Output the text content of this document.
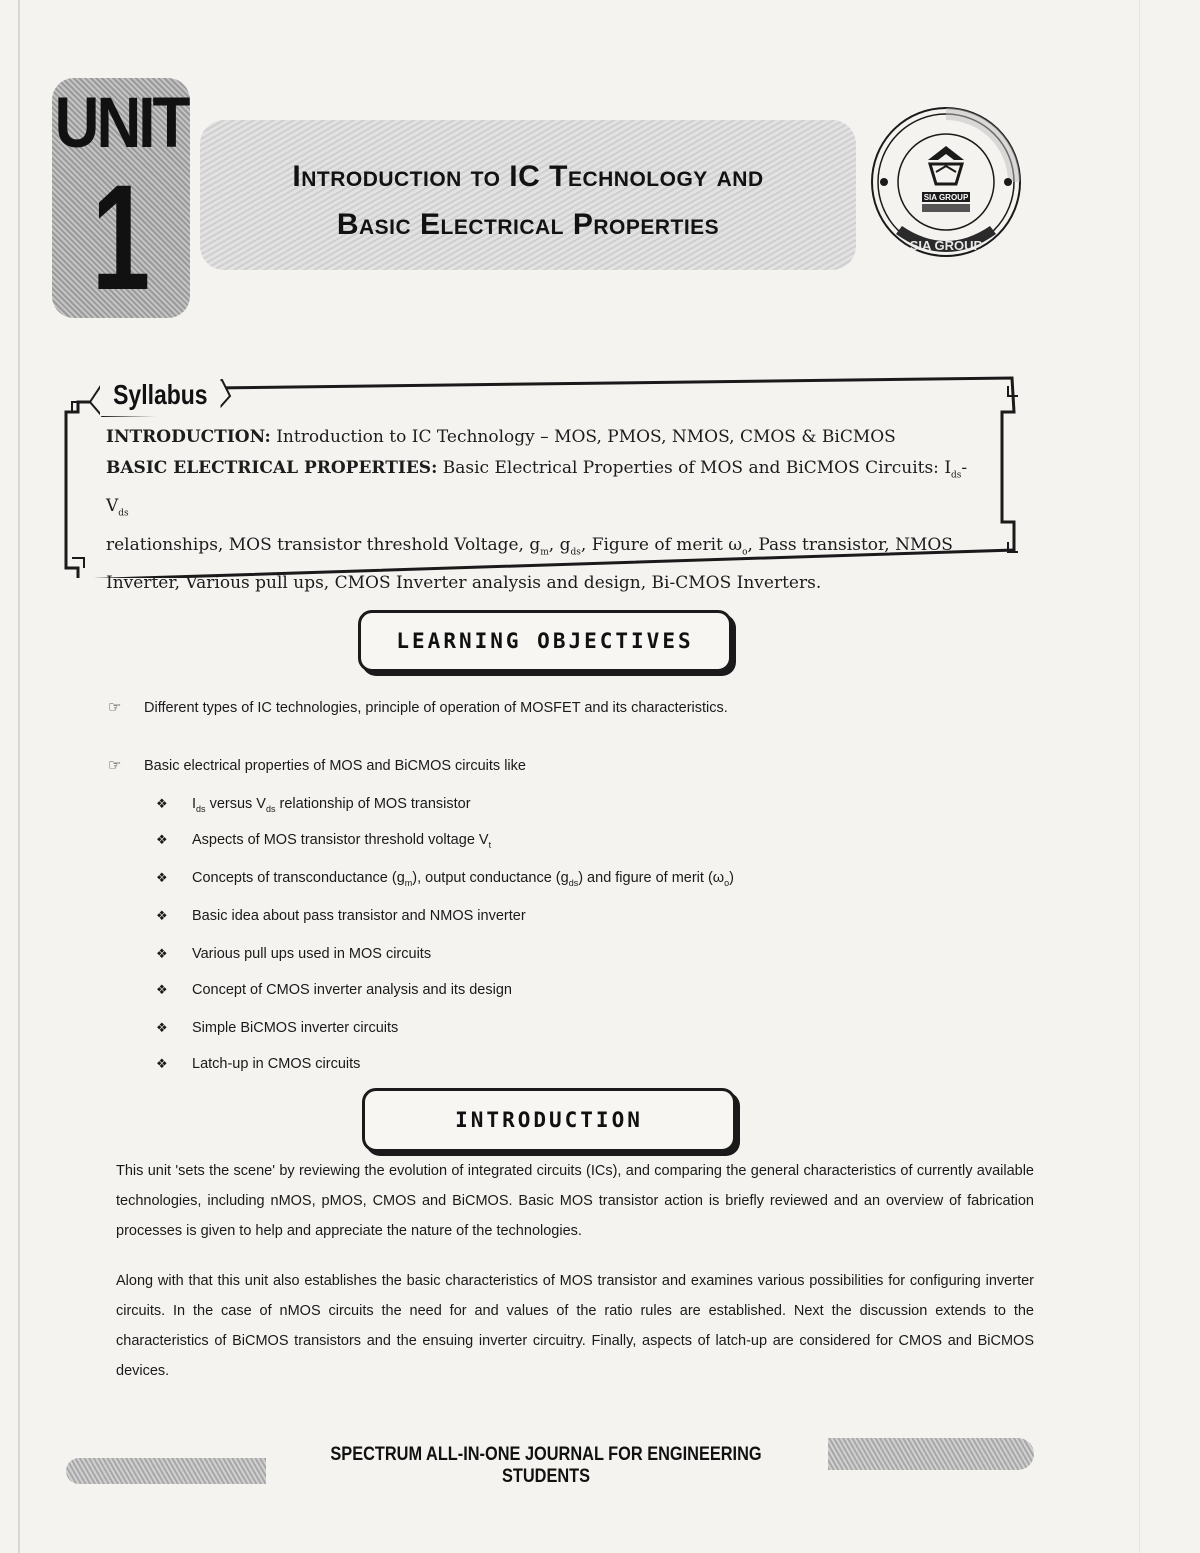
UNIT
1	Introduction to IC Technology and
Basic Electrical Properties
SIA GROUP
SIA GROUP
Syllabus
INTRODUCTION: Introduction to IC Technology – MOS, PMOS, NMOS, CMOS & BiCMOS
BASIC ELECTRICAL PROPERTIES: Basic Electrical Properties of MOS and BiCMOS Circuits: $I_{ds}-V_{ds}$
relationships, MOS transistor threshold Voltage, $g_m$, $g_{ds}$, Figure of merit $\omega_o$, Pass transistor, NMOS
Inverter, Various pull ups, CMOS Inverter analysis and design, Bi-CMOS Inverters.
LEARNING OBJECTIVES
☞ Different types of IC technologies, principle of operation of MOSFET and its characteristics.
☞ Basic electrical properties of MOS and BiCMOS circuits like
❖ $I_{ds}$ versus $V_{ds}$ relationship of MOS transistor
❖ Aspects of MOS transistor threshold voltage $V_t$
❖ Concepts of transconductance $(g_m)$, output conductance $(g_{ds})$ and figure of merit $(\omega_o)$
❖ Basic idea about pass transistor and NMOS inverter
❖ Various pull ups used in MOS circuits
❖ Concept of CMOS inverter analysis and its design
❖ Simple BiCMOS inverter circuits
❖ Latch-up in CMOS circuits
INTRODUCTION

This unit 'sets the scene' by reviewing the evolution of integrated circuits (ICs), and comparing the general characteristics of currently available technologies, including nMOS, pMOS, CMOS and BiCMOS. Basic MOS transistor action is briefly reviewed and an overview of fabrication processes is given to help and appreciate the nature of the technologies.

Along with that this unit also establishes the basic characteristics of MOS transistor and examines various possibilities for configuring inverter circuits. In the case of nMOS circuits the need for and values of the ratio rules are established. Next the discussion extends to the characteristics of BiCMOS transistors and the ensuing inverter circuitry. Finally, aspects of latch-up are considered for CMOS and BiCMOS devices.

SPECTRUM ALL-IN-ONE JOURNAL FOR ENGINEERING STUDENTS
